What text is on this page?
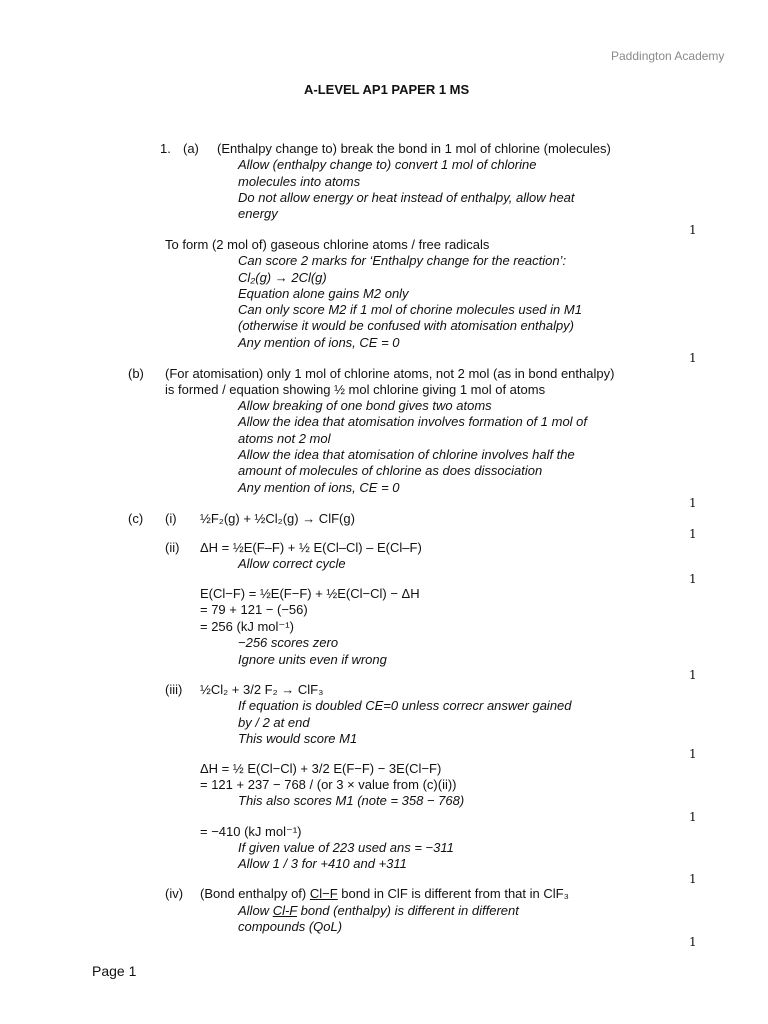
Paddington Academy
A-LEVEL AP1 PAPER 1 MS
1. (a) (Enthalpy change to) break the bond in 1 mol of chlorine (molecules)
Allow (enthalpy change to) convert 1 mol of chlorine
molecules into atoms
Do not allow energy or heat instead of enthalpy, allow heat
energy
1
To form (2 mol of) gaseous chlorine atoms / free radicals
Can score 2 marks for ‘Enthalpy change for the reaction’:
Cl₂(g) → 2Cl(g)
Equation alone gains M2 only
Can only score M2 if 1 mol of chorine molecules used in M1
(otherwise it would be confused with atomisation enthalpy)
Any mention of ions, CE = 0
1
(b) (For atomisation) only 1 mol of chlorine atoms, not 2 mol (as in bond enthalpy)
is formed / equation showing ½ mol chlorine giving 1 mol of atoms
Allow breaking of one bond gives two atoms
Allow the idea that atomisation involves formation of 1 mol of
atoms not 2 mol
Allow the idea that atomisation of chlorine involves half the
amount of molecules of chlorine as does dissociation
Any mention of ions, CE = 0
1
(c) (i) ½F₂(g) + ½Cl₂(g) → ClF(g)
1
(ii) ΔH = ½E(F–F) + ½ E(Cl–Cl) – E(Cl–F)
Allow correct cycle
1
E(Cl−F) = ½E(F−F) + ½E(Cl−Cl) − ΔH
= 79 + 121 − (−56)
= 256 (kJ mol⁻¹)
−256 scores zero
Ignore units even if wrong
1
(iii) ½Cl₂ + 3/2 F₂ → ClF₃
If equation is doubled CE=0 unless correcr answer gained
by / 2 at end
This would score M1
1
ΔH = ½ E(Cl−Cl) + 3/2 E(F−F) − 3E(Cl−F)
= 121 + 237 − 768 / (or 3 × value from (c)(ii))
This also scores M1 (note = 358 − 768)
1
= −410 (kJ mol⁻¹)
If given value of 223 used ans = −311
Allow 1 / 3 for +410 and +311
1
(iv) (Bond enthalpy of) Cl−F bond in ClF is different from that in ClF₃
Allow Cl-F bond (enthalpy) is different in different
compounds (QoL)
1
Page 1
